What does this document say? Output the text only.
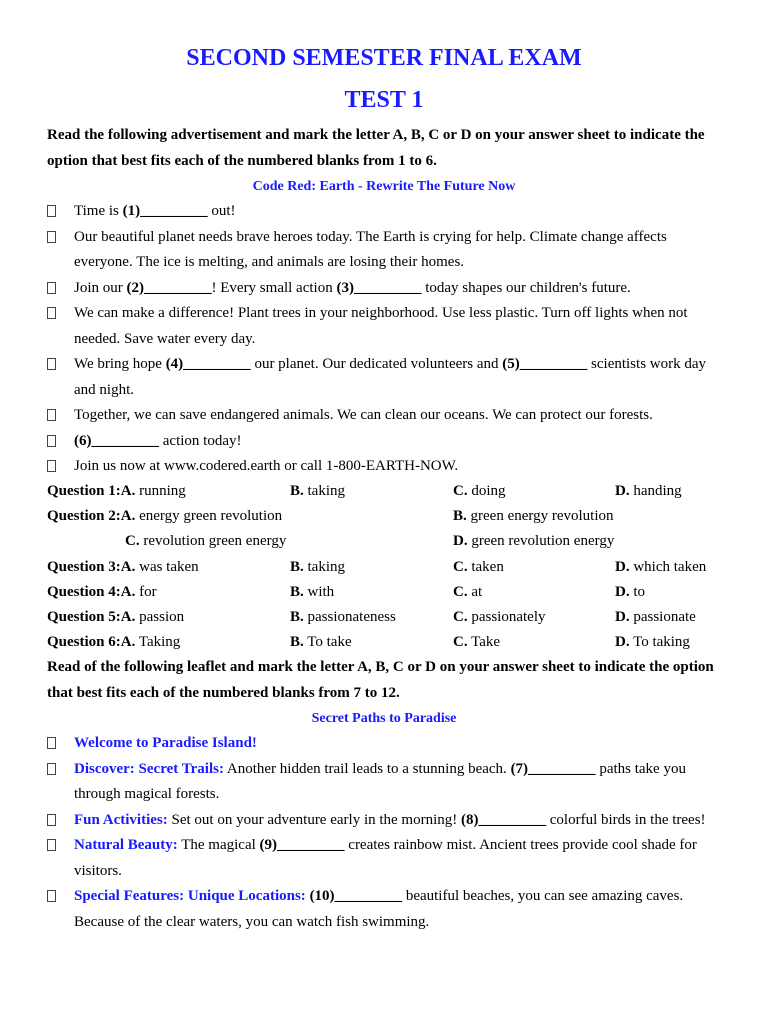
SECOND SEMESTER FINAL EXAM
TEST 1
Read the following advertisement and mark the letter A, B, C or D on your answer sheet to indicate the option that best fits each of the numbered blanks from 1 to 6.
Code Red: Earth - Rewrite The Future Now
Time is (1)_________ out!
Our beautiful planet needs brave heroes today. The Earth is crying for help. Climate change affects everyone. The ice is melting, and animals are losing their homes.
Join our (2)_________! Every small action (3)_________ today shapes our children's future.
We can make a difference! Plant trees in your neighborhood. Use less plastic. Turn off lights when not needed. Save water every day.
We bring hope (4)_________ our planet. Our dedicated volunteers and (5)_________ scientists work day and night.
Together, we can save endangered animals. We can clean our oceans. We can protect our forests.
(6)_________ action today!
Join us now at www.codered.earth or call 1-800-EARTH-NOW.
Question 1:A. running	B. taking	C. doing	D. handing
Question 2:A. energy green revolution	B. green energy revolution
C. revolution green energy	D. green revolution energy
Question 3:A. was taken	B. taking	C. taken	D. which taken
Question 4:A. for	B. with	C. at	D. to
Question 5:A. passion	B. passionateness	C. passionately	D. passionate
Question 6:A. Taking	B. To take	C. Take	D. To taking
Read of the following leaflet and mark the letter A, B, C or D on your answer sheet to indicate the option that best fits each of the numbered blanks from 7 to 12.
Secret Paths to Paradise
Welcome to Paradise Island!
Discover: Secret Trails: Another hidden trail leads to a stunning beach. (7)_________ paths take you through magical forests.
Fun Activities: Set out on your adventure early in the morning! (8)_________ colorful birds in the trees!
Natural Beauty: The magical (9)_________ creates rainbow mist. Ancient trees provide cool shade for visitors.
Special Features: Unique Locations: (10)_________ beautiful beaches, you can see amazing caves. Because of the clear waters, you can watch fish swimming.
